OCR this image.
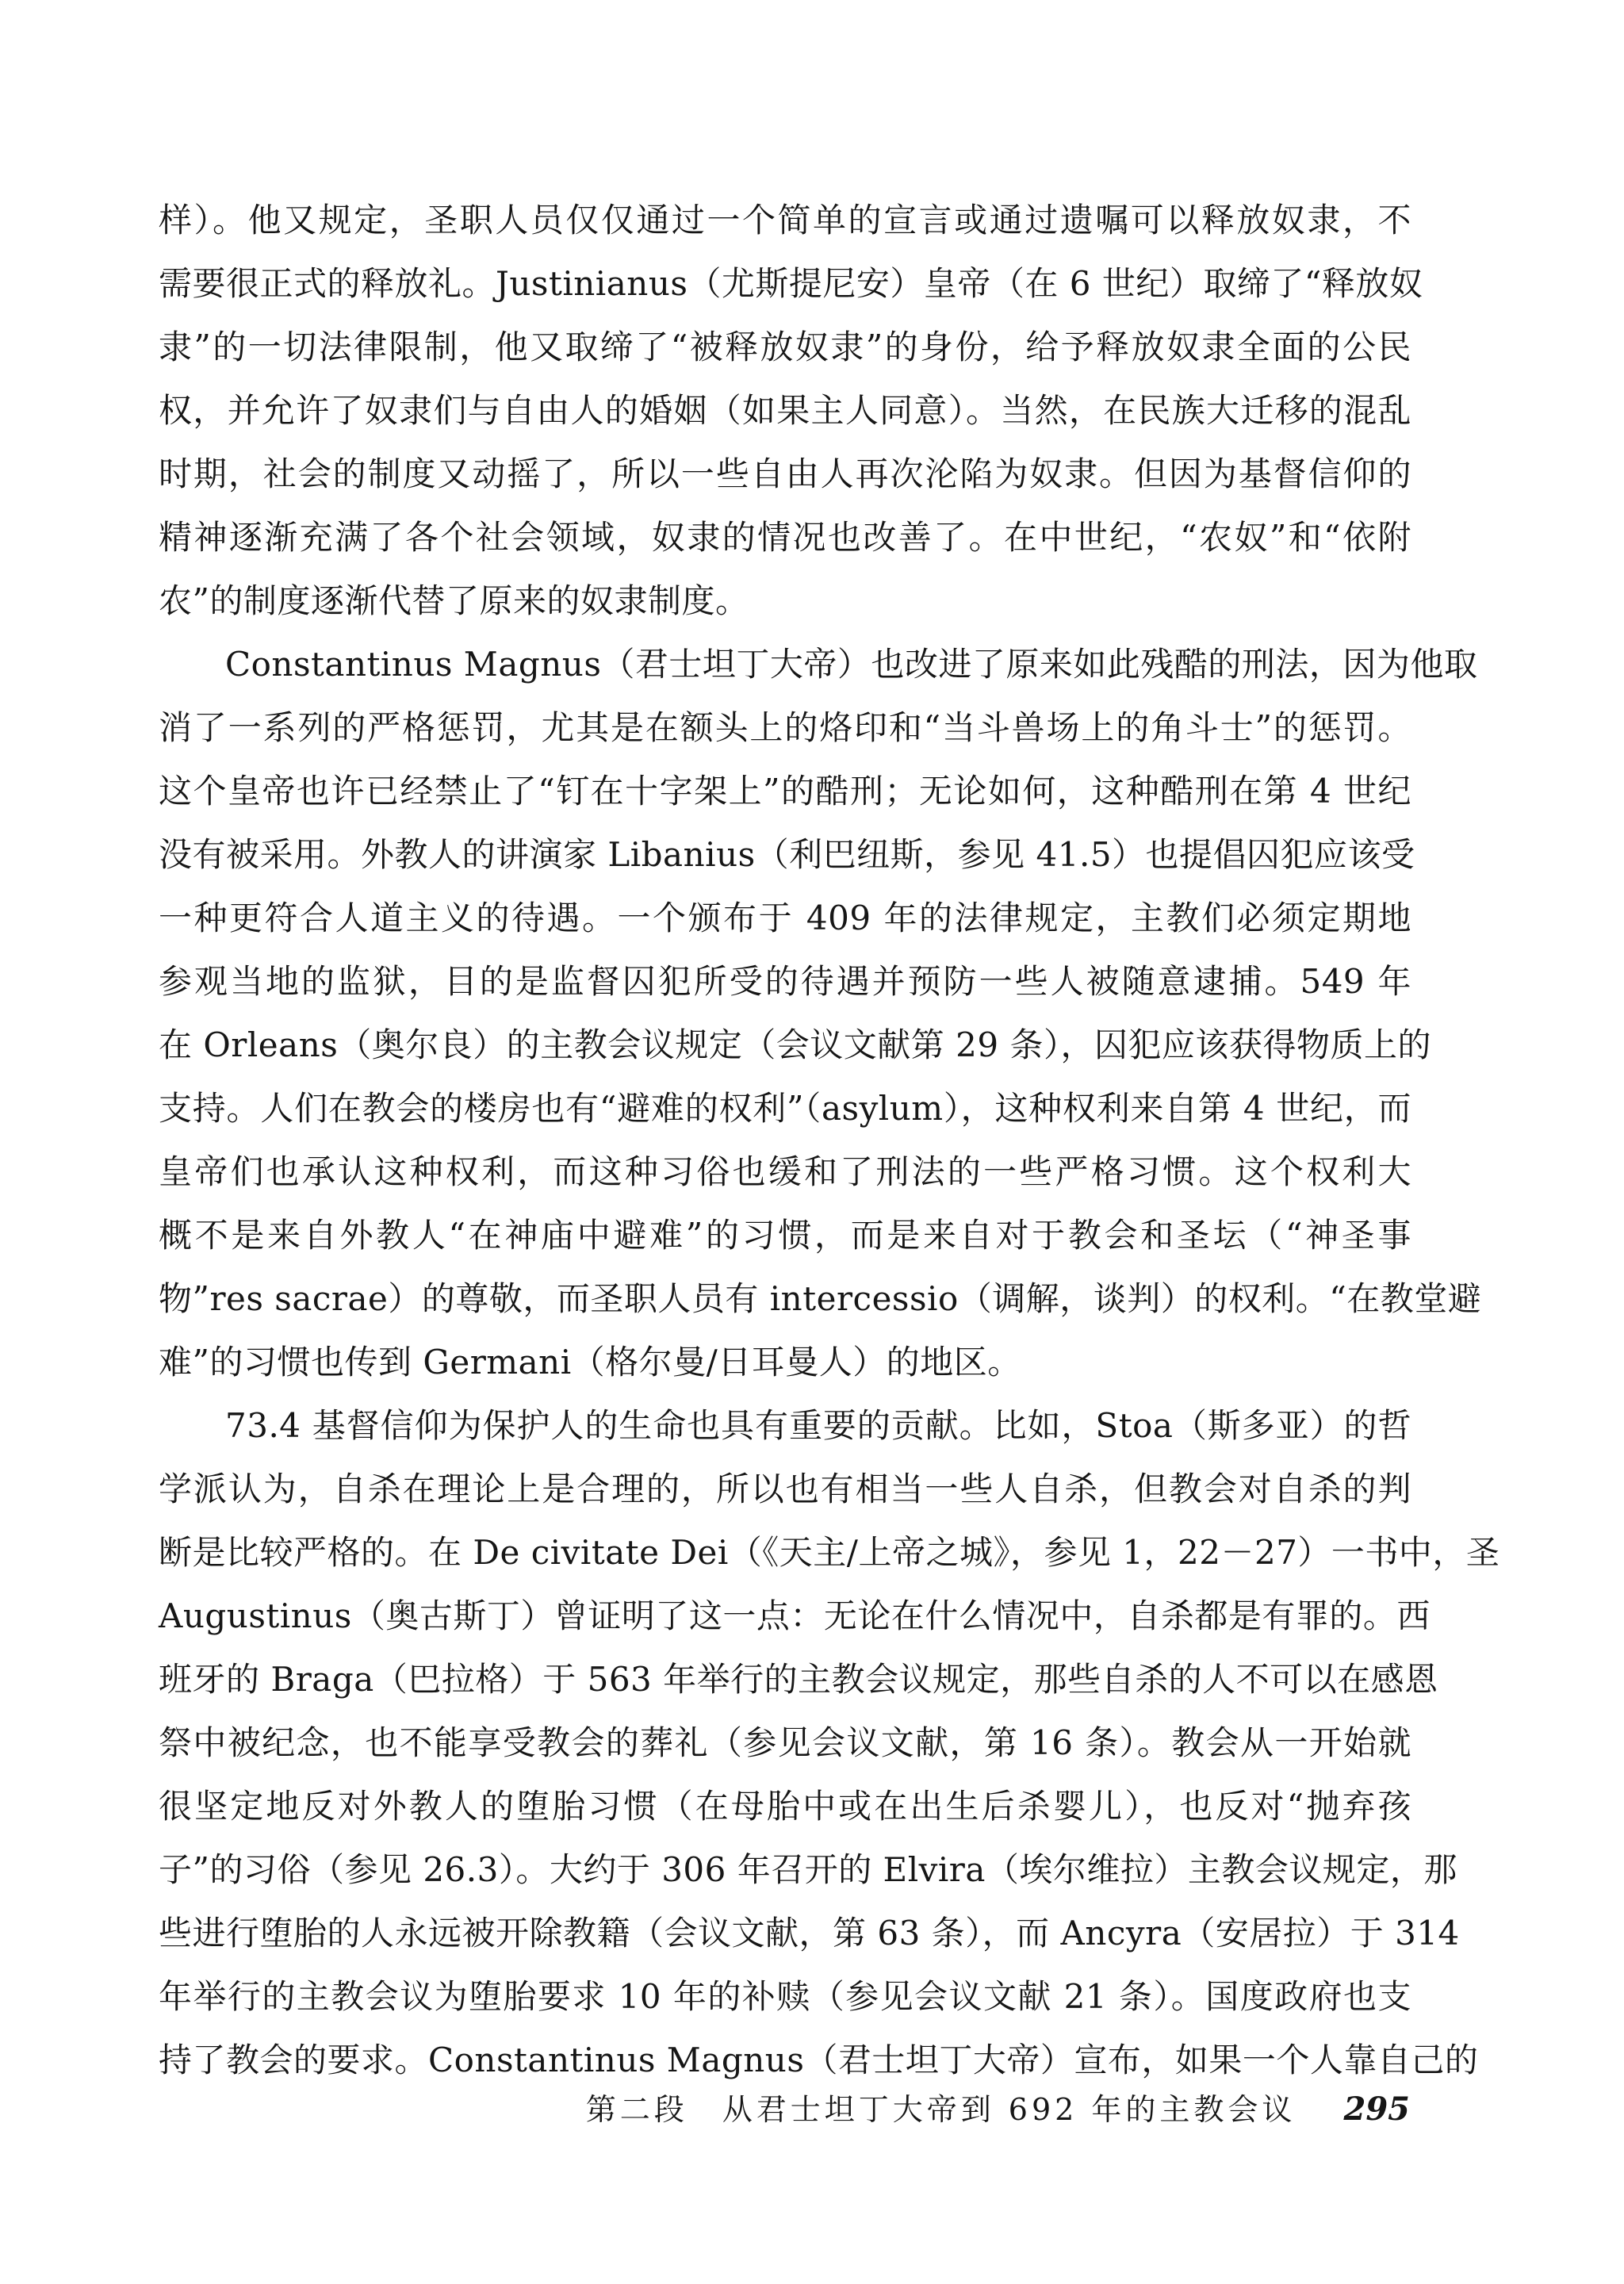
样）。他又规定，圣职人员仅仅通过一个简单的宣言或通过遗嘱可以释放奴隶，不
需要很正式的释放礼。Justinianus（尤斯提尼安）皇帝（在 6 世纪）取缔了“释放奴
隶”的一切法律限制，他又取缔了“被释放奴隶”的身份，给予释放奴隶全面的公民
权，并允许了奴隶们与自由人的婚姻（如果主人同意）。当然，在民族大迁移的混乱
时期，社会的制度又动摇了，所以一些自由人再次沦陷为奴隶。但因为基督信仰的
精神逐渐充满了各个社会领域，奴隶的情况也改善了。在中世纪，“农奴”和“依附
农”的制度逐渐代替了原来的奴隶制度。
Constantinus Magnus（君士坦丁大帝）也改进了原来如此残酷的刑法，因为他取
消了一系列的严格惩罚，尤其是在额头上的烙印和“当斗兽场上的角斗士”的惩罚。
这个皇帝也许已经禁止了“钉在十字架上”的酷刑；无论如何，这种酷刑在第 4 世纪
没有被采用。外教人的讲演家 Libanius（利巴纽斯，参见 41.5）也提倡囚犯应该受
一种更符合人道主义的待遇。一个颁布于 409 年的法律规定，主教们必须定期地
参观当地的监狱，目的是监督囚犯所受的待遇并预防一些人被随意逮捕。549 年
在 Orleans（奥尔良）的主教会议规定（会议文献第 29 条），囚犯应该获得物质上的
支持。人们在教会的楼房也有“避难的权利”（asylum），这种权利来自第 4 世纪，而
皇帝们也承认这种权利，而这种习俗也缓和了刑法的一些严格习惯。这个权利大
概不是来自外教人“在神庙中避难”的习惯，而是来自对于教会和圣坛（“神圣事
物”res sacrae）的尊敬，而圣职人员有 intercessio（调解，谈判）的权利。“在教堂避
难”的习惯也传到 Germani（格尔曼/日耳曼人）的地区。
73.4 基督信仰为保护人的生命也具有重要的贡献。比如，Stoa（斯多亚）的哲
学派认为，自杀在理论上是合理的，所以也有相当一些人自杀，但教会对自杀的判
断是比较严格的。在 De civitate Dei（《天主/上帝之城》，参见 1，22－27）一书中，圣
Augustinus（奥古斯丁）曾证明了这一点：无论在什么情况中，自杀都是有罪的。西
班牙的 Braga（巴拉格）于 563 年举行的主教会议规定，那些自杀的人不可以在感恩
祭中被纪念，也不能享受教会的葬礼（参见会议文献，第 16 条）。教会从一开始就
很坚定地反对外教人的堕胎习惯（在母胎中或在出生后杀婴儿），也反对“抛弃孩
子”的习俗（参见 26.3）。大约于 306 年召开的 Elvira（埃尔维拉）主教会议规定，那
些进行堕胎的人永远被开除教籍（会议文献，第 63 条），而 Ancyra（安居拉）于 314
年举行的主教会议为堕胎要求 10 年的补赎（参见会议文献 21 条）。国度政府也支
持了教会的要求。Constantinus Magnus（君士坦丁大帝）宣布，如果一个人靠自己的
第二段　从君士坦丁大帝到 692 年的主教会议 295
